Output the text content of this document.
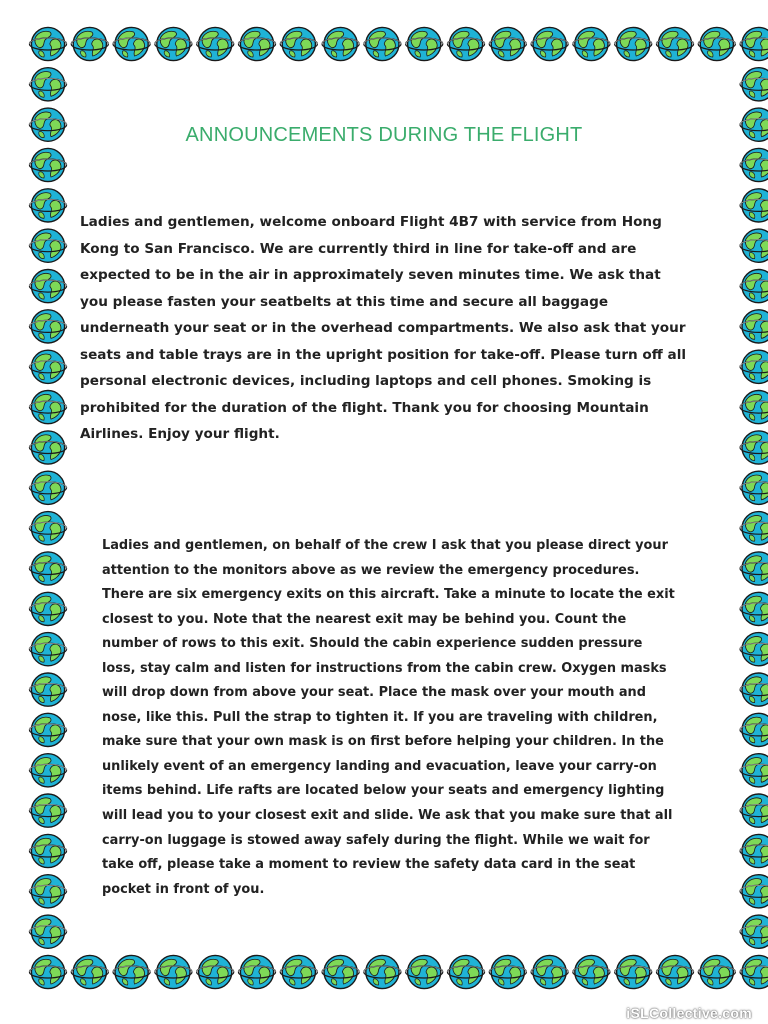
ANNOUNCEMENTS DURING THE FLIGHT

Ladies and gentlemen, welcome onboard Flight 4B7 with service from Hong Kong to San Francisco. We are currently third in line for take-off and are expected to be in the air in approximately seven minutes time. We ask that you please fasten your seatbelts at this time and secure all baggage underneath your seat or in the overhead compartments. We also ask that your seats and table trays are in the upright position for take-off. Please turn off all personal electronic devices, including laptops and cell phones. Smoking is prohibited for the duration of the flight. Thank you for choosing Mountain Airlines. Enjoy your flight.

Ladies and gentlemen, on behalf of the crew I ask that you please direct your attention to the monitors above as we review the emergency procedures. There are six emergency exits on this aircraft. Take a minute to locate the exit closest to you. Note that the nearest exit may be behind you. Count the number of rows to this exit. Should the cabin experience sudden pressure loss, stay calm and listen for instructions from the cabin crew. Oxygen masks will drop down from above your seat. Place the mask over your mouth and nose, like this. Pull the strap to tighten it. If you are traveling with children, make sure that your own mask is on first before helping your children. In the unlikely event of an emergency landing and evacuation, leave your carry-on items behind. Life rafts are located below your seats and emergency lighting will lead you to your closest exit and slide. We ask that you make sure that all carry-on luggage is stowed away safely during the flight. While we wait for take off, please take a moment to review the safety data card in the seat pocket in front of you.

iSLCollective.com
